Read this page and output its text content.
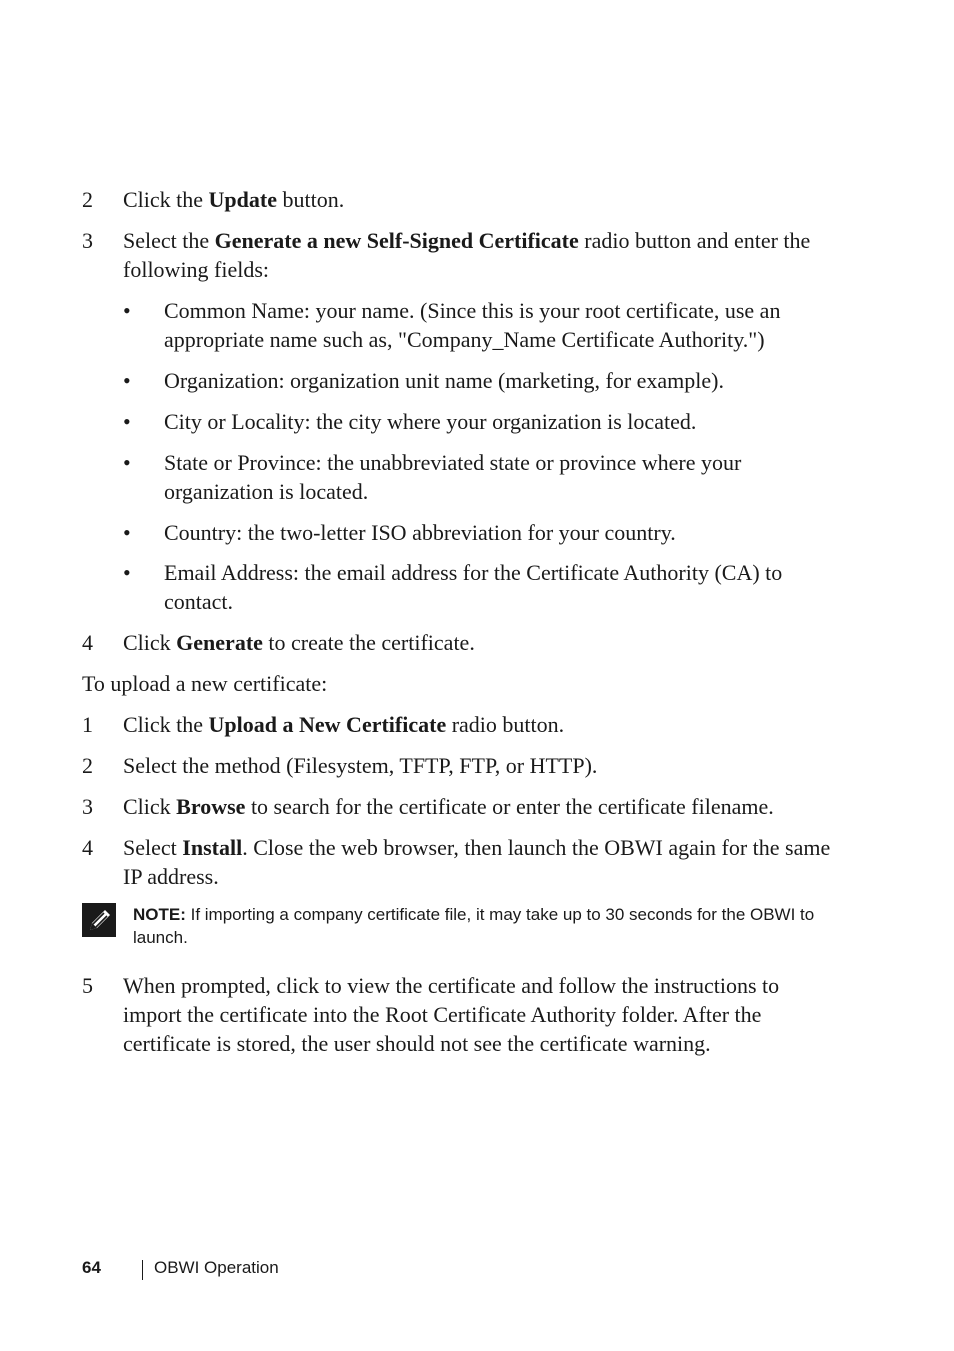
2 Click the Update button.
3 Select the Generate a new Self-Signed Certificate radio button and enter the following fields:
• Common Name: your name. (Since this is your root certificate, use an appropriate name such as, "Company_Name Certificate Authority.")
• Organization: organization unit name (marketing, for example).
• City or Locality: the city where your organization is located.
• State or Province: the unabbreviated state or province where your organization is located.
• Country: the two-letter ISO abbreviation for your country.
• Email Address: the email address for the Certificate Authority (CA) to contact.
4 Click Generate to create the certificate.
To upload a new certificate:
1 Click the Upload a New Certificate radio button.
2 Select the method (Filesystem, TFTP, FTP, or HTTP).
3 Click Browse to search for the certificate or enter the certificate filename.
4 Select Install. Close the web browser, then launch the OBWI again for the same IP address.
NOTE: If importing a company certificate file, it may take up to 30 seconds for the OBWI to launch.
5 When prompted, click to view the certificate and follow the instructions to import the certificate into the Root Certificate Authority folder. After the certificate is stored, the user should not see the certificate warning.
64	OBWI Operation
